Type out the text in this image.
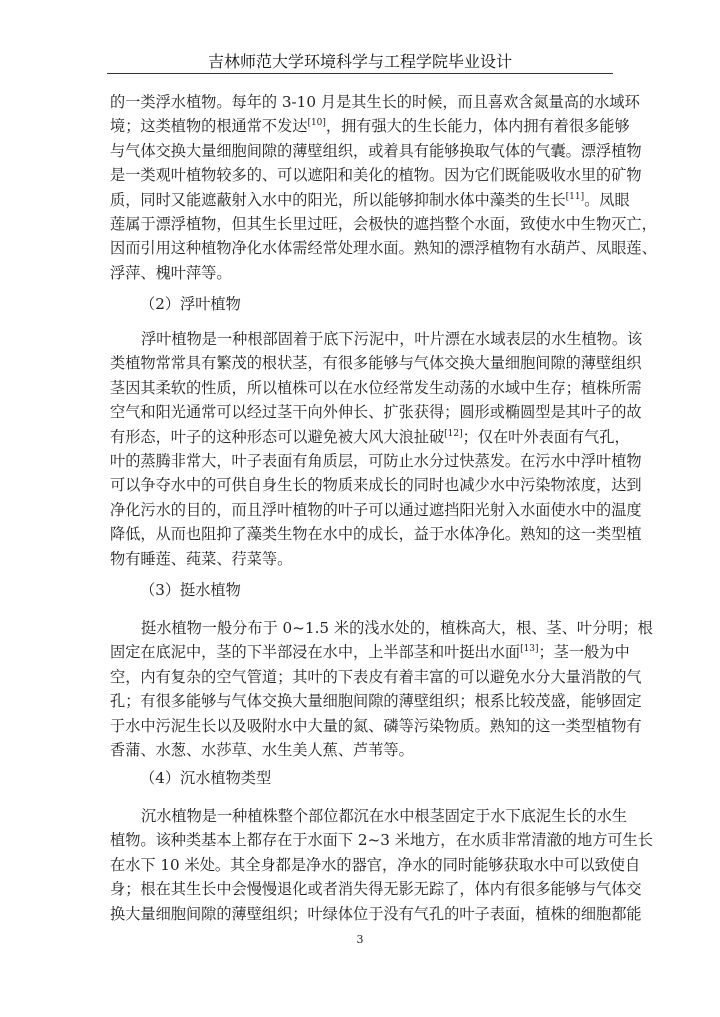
吉林师范大学环境科学与工程学院毕业设计
的一类浮水植物。每年的 3-10 月是其生长的时候，而且喜欢含氮量高的水域环
境；这类植物的根通常不发达[10]，拥有强大的生长能力，体内拥有着很多能够
与气体交换大量细胞间隙的薄壁组织，或着具有能够换取气体的气囊。漂浮植物
是一类观叶植物较多的、可以遮阳和美化的植物。因为它们既能吸收水里的矿物
质，同时又能遮蔽射入水中的阳光，所以能够抑制水体中藻类的生长[11]。凤眼
莲属于漂浮植物，但其生长里过旺，会极快的遮挡整个水面，致使水中生物灭亡，
因而引用这种植物净化水体需经常处理水面。熟知的漂浮植物有水葫芦、凤眼莲、
浮萍、槐叶萍等。
（2）浮叶植物
浮叶植物是一种根部固着于底下污泥中，叶片漂在水域表层的水生植物。该
类植物常常具有繁茂的根状茎，有很多能够与气体交换大量细胞间隙的薄壁组织
茎因其柔软的性质，所以植株可以在水位经常发生动荡的水域中生存；植株所需
空气和阳光通常可以经过茎干向外伸长、扩张获得；圆形或椭圆型是其叶子的故
有形态，叶子的这种形态可以避免被大风大浪扯破[12]；仅在叶外表面有气孔，
叶的蒸腾非常大，叶子表面有角质层，可防止水分过快蒸发。在污水中浮叶植物
可以争夺水中的可供自身生长的物质来成长的同时也减少水中污染物浓度，达到
净化污水的目的，而且浮叶植物的叶子可以通过遮挡阳光射入水面使水中的温度
降低，从而也阻抑了藻类生物在水中的成长，益于水体净化。熟知的这一类型植
物有睡莲、莼菜、荇菜等。
（3）挺水植物
挺水植物一般分布于 0~1.5 米的浅水处的，植株高大，根、茎、叶分明；根
固定在底泥中，茎的下半部浸在水中，上半部茎和叶挺出水面[13]；茎一般为中
空，内有复杂的空气管道；其叶的下表皮有着丰富的可以避免水分大量消散的气
孔；有很多能够与气体交换大量细胞间隙的薄壁组织；根系比较茂盛，能够固定
于水中污泥生长以及吸附水中大量的氮、磷等污染物质。熟知的这一类型植物有
香蒲、水葱、水莎草、水生美人蕉、芦苇等。
（4）沉水植物类型
沉水植物是一种植株整个部位都沉在水中根茎固定于水下底泥生长的水生
植物。该种类基本上都存在于水面下 2~3 米地方，在水质非常清澈的地方可生长
在水下 10 米处。其全身都是净水的器官，净水的同时能够获取水中可以致使自
身；根在其生长中会慢慢退化或者消失得无影无踪了，体内有很多能够与气体交
换大量细胞间隙的薄壁组织；叶绿体位于没有气孔的叶子表面，植株的细胞都能
3
